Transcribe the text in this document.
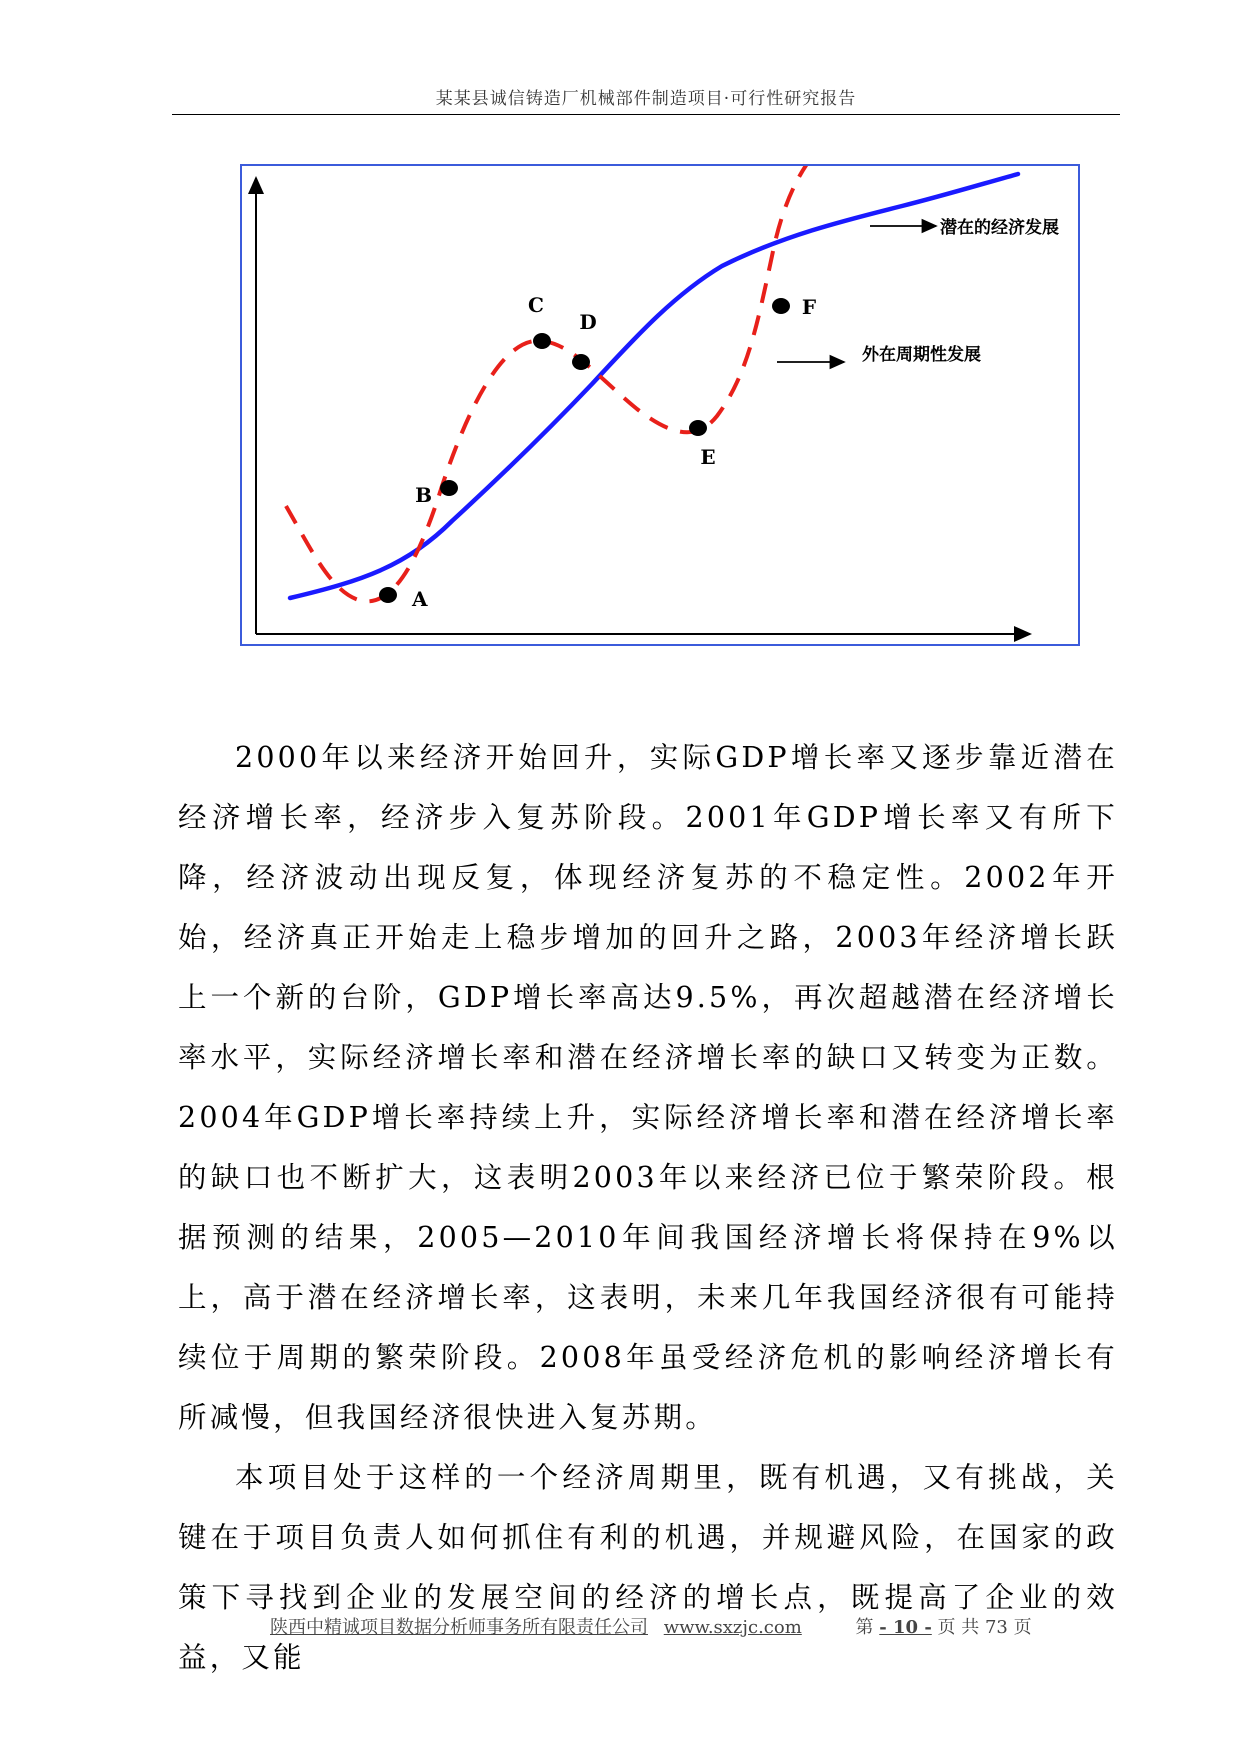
某某县诚信铸造厂机械部件制造项目·可行性研究报告
A
B
C
D
E
F
潜在的经济发展
外在周期性发展

2000年以来经济开始回升，实际GDP增长率又逐步靠近潜在经济增长率，经济步入复苏阶段。2001年GDP增长率又有所下降，经济波动出现反复，体现经济复苏的不稳定性。2002年开始，经济真正开始走上稳步增加的回升之路，2003年经济增长跃上一个新的台阶，GDP增长率高达9.5%，再次超越潜在经济增长率水平，实际经济增长率和潜在经济增长率的缺口又转变为正数。2004年GDP增长率持续上升，实际经济增长率和潜在经济增长率的缺口也不断扩大，这表明2003年以来经济已位于繁荣阶段。根据预测的结果，2005—2010年间我国经济增长将保持在9%以上，高于潜在经济增长率，这表明，未来几年我国经济很有可能持续位于周期的繁荣阶段。2008年虽受经济危机的影响经济增长有所减慢，但我国经济很快进入复苏期。

本项目处于这样的一个经济周期里，既有机遇，又有挑战，关键在于项目负责人如何抓住有利的机遇，并规避风险，在国家的政策下寻找到企业的发展空间的经济的增长点，既提高了企业的效益，又能

陕西中精诚项目数据分析师事务所有限责任公司 www.sxzjc.com	第 - 10 - 页 共 73 页
